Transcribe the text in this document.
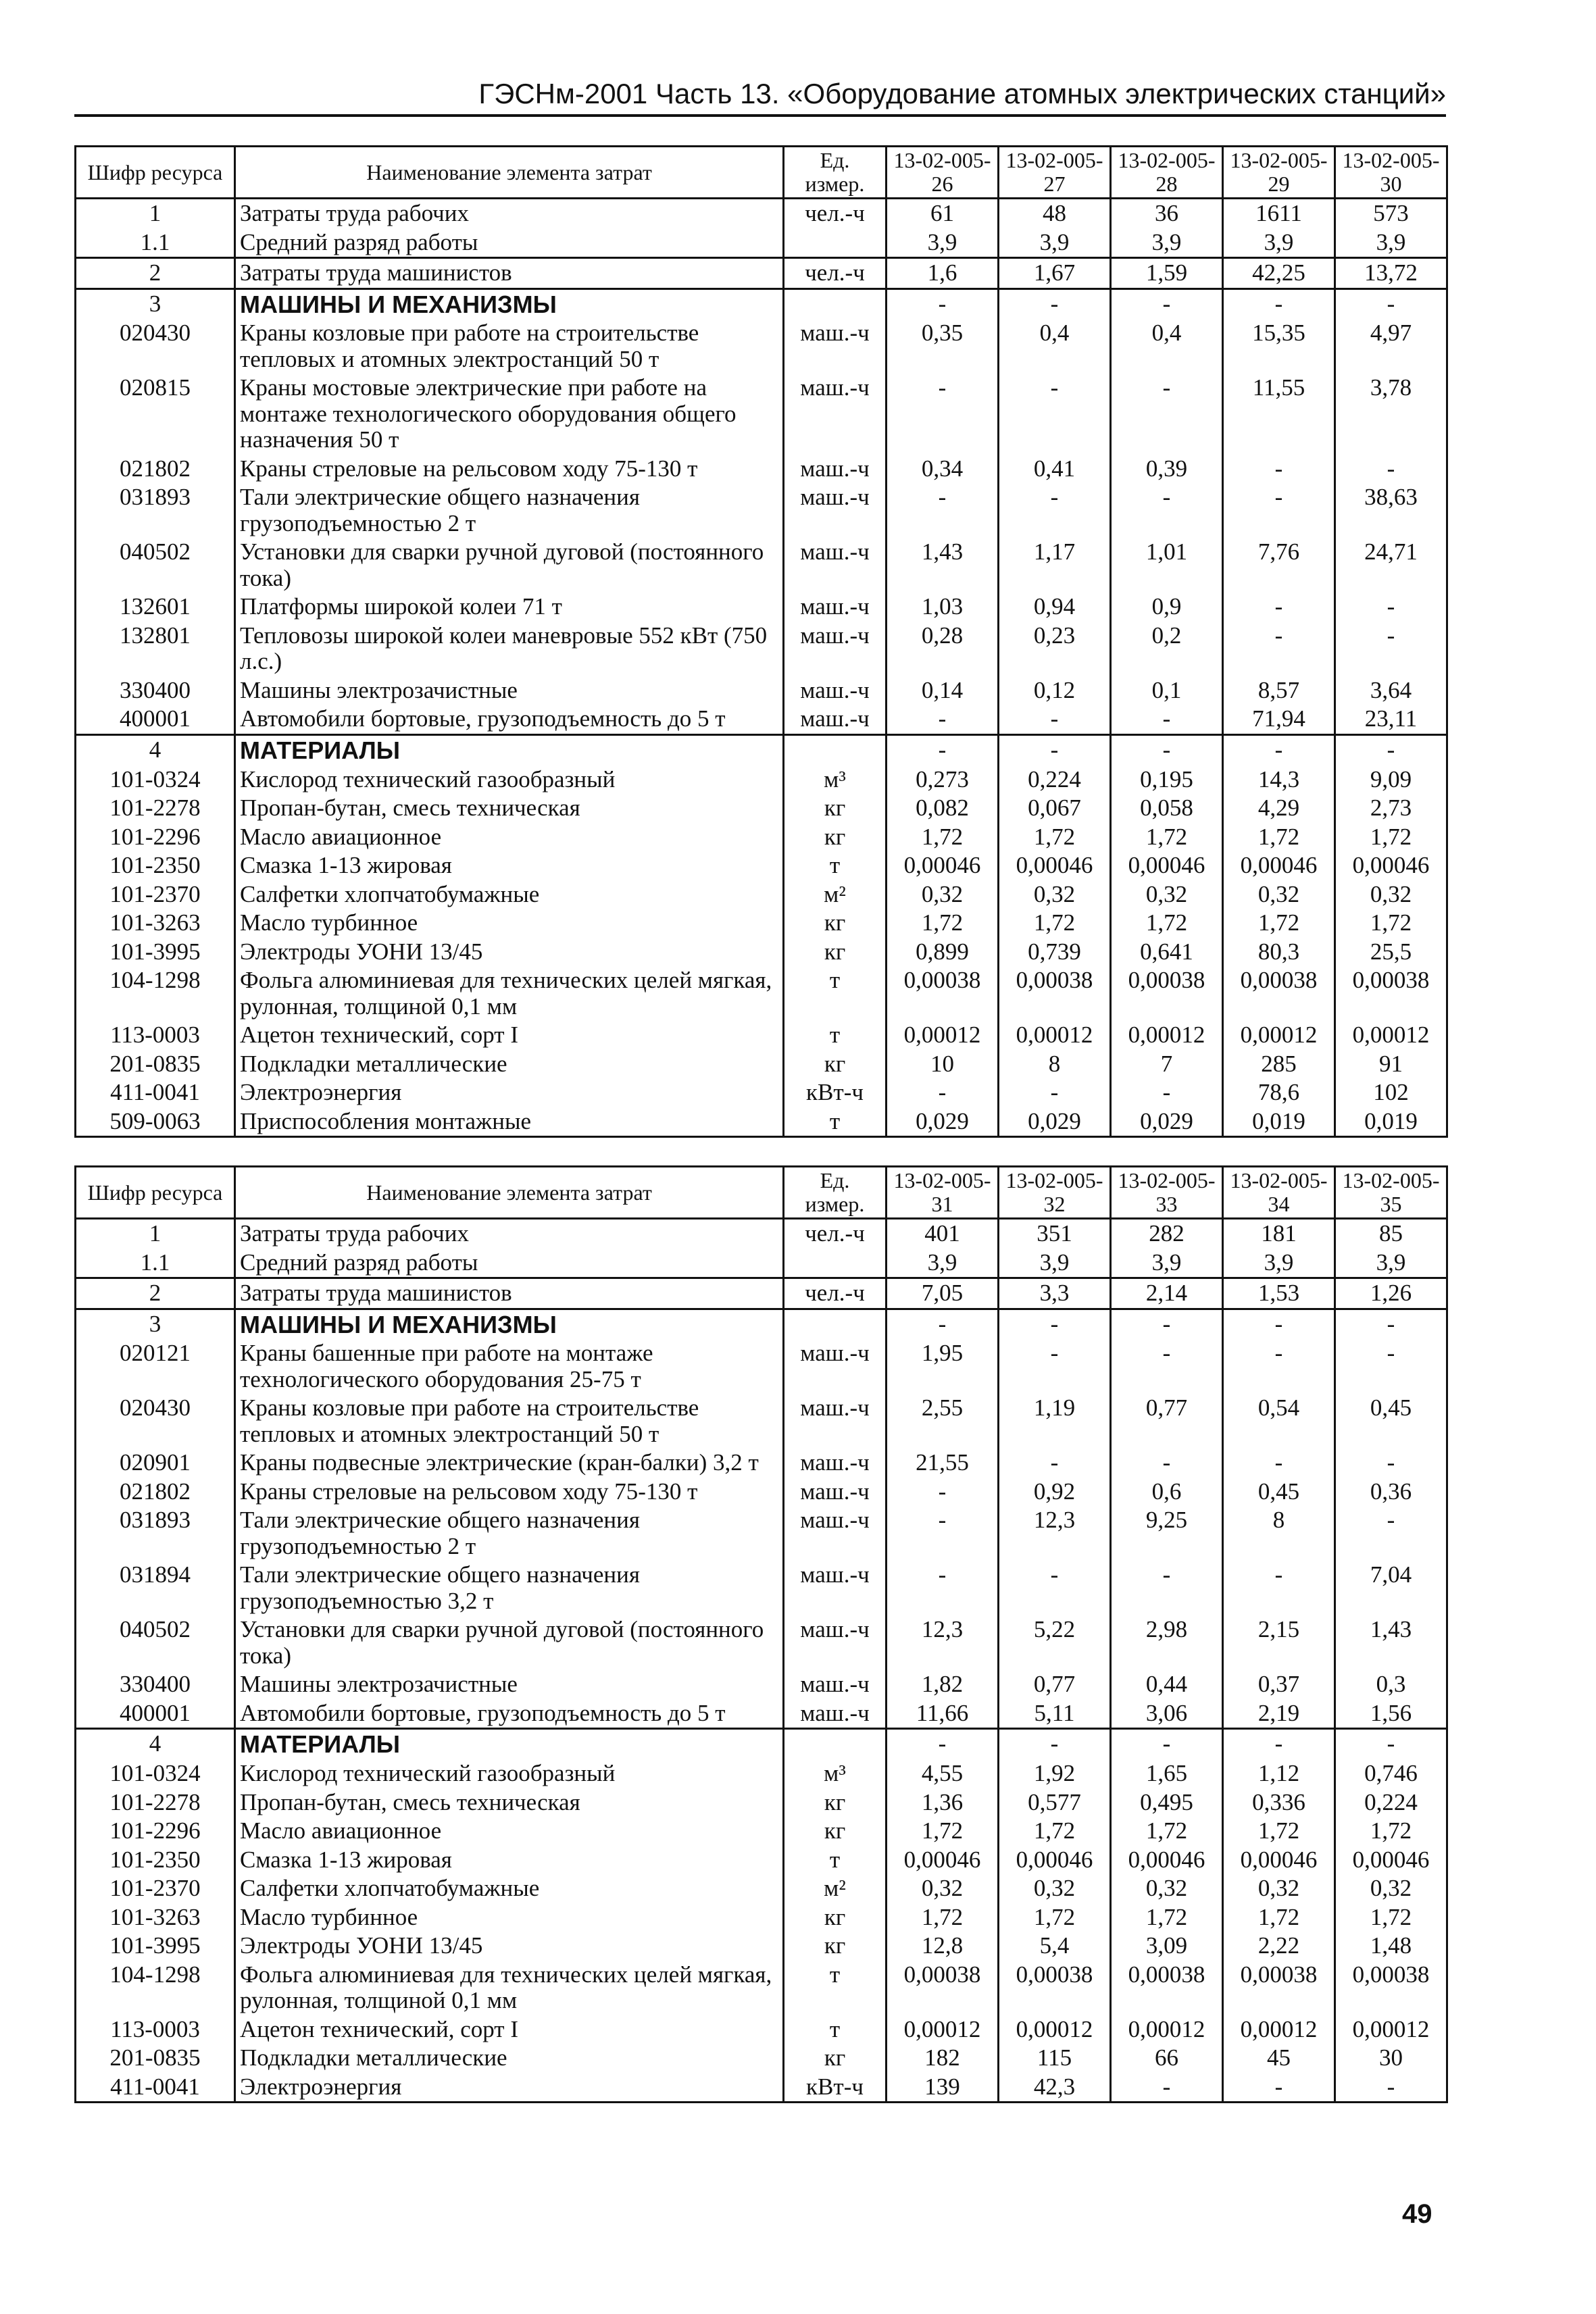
ГЭСНм-2001 Часть 13. «Оборудование атомных электрических станций»
Шифр ресурса	Наименование элемента затрат	Ед. измер.	13-02-005-26	13-02-005-27	13-02-005-28	13-02-005-29	13-02-005-30
1	Затраты труда рабочих	чел.-ч	61	48	36	1611	573
1.1	Средний разряд работы		3,9	3,9	3,9	3,9	3,9
2	Затраты труда машинистов	чел.-ч	1,6	1,67	1,59	42,25	13,72
3	МАШИНЫ И МЕХАНИЗМЫ		-	-	-	-	-
020430	Краны козловые при работе на строительстве тепловых и атомных электростанций 50 т	маш.-ч	0,35	0,4	0,4	15,35	4,97
020815	Краны мостовые электрические при работе на монтаже технологического оборудования общего назначения 50 т	маш.-ч	-	-	-	11,55	3,78
021802	Краны стреловые на рельсовом ходу 75-130 т	маш.-ч	0,34	0,41	0,39	-	-
031893	Тали электрические общего назначения грузоподъемностью 2 т	маш.-ч	-	-	-	-	38,63
040502	Установки для сварки ручной дуговой (постоянного тока)	маш.-ч	1,43	1,17	1,01	7,76	24,71
132601	Платформы широкой колеи 71 т	маш.-ч	1,03	0,94	0,9	-	-
132801	Тепловозы широкой колеи маневровые 552 кВт (750 л.с.)	маш.-ч	0,28	0,23	0,2	-	-
330400	Машины электрозачистные	маш.-ч	0,14	0,12	0,1	8,57	3,64
400001	Автомобили бортовые, грузоподъемность до 5 т	маш.-ч	-	-	-	71,94	23,11
4	МАТЕРИАЛЫ		-	-	-	-	-
101-0324	Кислород технический газообразный	м³	0,273	0,224	0,195	14,3	9,09
101-2278	Пропан-бутан, смесь техническая	кг	0,082	0,067	0,058	4,29	2,73
101-2296	Масло авиационное	кг	1,72	1,72	1,72	1,72	1,72
101-2350	Смазка 1-13 жировая	т	0,00046	0,00046	0,00046	0,00046	0,00046
101-2370	Салфетки хлопчатобумажные	м²	0,32	0,32	0,32	0,32	0,32
101-3263	Масло турбинное	кг	1,72	1,72	1,72	1,72	1,72
101-3995	Электроды УОНИ 13/45	кг	0,899	0,739	0,641	80,3	25,5
104-1298	Фольга алюминиевая для технических целей мягкая, рулонная, толщиной 0,1 мм	т	0,00038	0,00038	0,00038	0,00038	0,00038
113-0003	Ацетон технический, сорт I	т	0,00012	0,00012	0,00012	0,00012	0,00012
201-0835	Подкладки металлические	кг	10	8	7	285	91
411-0041	Электроэнергия	кВт-ч	-	-	-	78,6	102
509-0063	Приспособления монтажные	т	0,029	0,029	0,029	0,019	0,019
Шифр ресурса	Наименование элемента затрат	Ед. измер.	13-02-005-31	13-02-005-32	13-02-005-33	13-02-005-34	13-02-005-35
1	Затраты труда рабочих	чел.-ч	401	351	282	181	85
1.1	Средний разряд работы		3,9	3,9	3,9	3,9	3,9
2	Затраты труда машинистов	чел.-ч	7,05	3,3	2,14	1,53	1,26
3	МАШИНЫ И МЕХАНИЗМЫ		-	-	-	-	-
020121	Краны башенные при работе на монтаже технологического оборудования 25-75 т	маш.-ч	1,95	-	-	-	-
020430	Краны козловые при работе на строительстве тепловых и атомных электростанций 50 т	маш.-ч	2,55	1,19	0,77	0,54	0,45
020901	Краны подвесные электрические (кран-балки) 3,2 т	маш.-ч	21,55	-	-	-	-
021802	Краны стреловые на рельсовом ходу 75-130 т	маш.-ч	-	0,92	0,6	0,45	0,36
031893	Тали электрические общего назначения грузоподъемностью 2 т	маш.-ч	-	12,3	9,25	8	-
031894	Тали электрические общего назначения грузоподъемностью 3,2 т	маш.-ч	-	-	-	-	7,04
040502	Установки для сварки ручной дуговой (постоянного тока)	маш.-ч	12,3	5,22	2,98	2,15	1,43
330400	Машины электрозачистные	маш.-ч	1,82	0,77	0,44	0,37	0,3
400001	Автомобили бортовые, грузоподъемность до 5 т	маш.-ч	11,66	5,11	3,06	2,19	1,56
4	МАТЕРИАЛЫ		-	-	-	-	-
101-0324	Кислород технический газообразный	м³	4,55	1,92	1,65	1,12	0,746
101-2278	Пропан-бутан, смесь техническая	кг	1,36	0,577	0,495	0,336	0,224
101-2296	Масло авиационное	кг	1,72	1,72	1,72	1,72	1,72
101-2350	Смазка 1-13 жировая	т	0,00046	0,00046	0,00046	0,00046	0,00046
101-2370	Салфетки хлопчатобумажные	м²	0,32	0,32	0,32	0,32	0,32
101-3263	Масло турбинное	кг	1,72	1,72	1,72	1,72	1,72
101-3995	Электроды УОНИ 13/45	кг	12,8	5,4	3,09	2,22	1,48
104-1298	Фольга алюминиевая для технических целей мягкая, рулонная, толщиной 0,1 мм	т	0,00038	0,00038	0,00038	0,00038	0,00038
113-0003	Ацетон технический, сорт I	т	0,00012	0,00012	0,00012	0,00012	0,00012
201-0835	Подкладки металлические	кг	182	115	66	45	30
411-0041	Электроэнергия	кВт-ч	139	42,3	-	-	-
49
